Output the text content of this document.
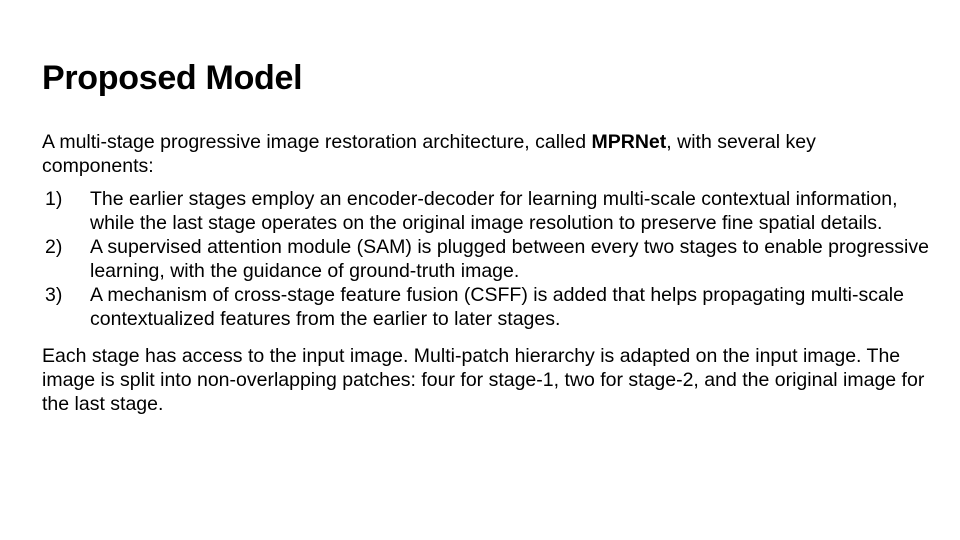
Proposed Model

A multi-stage progressive image restoration architecture, called MPRNet, with several key components:

1) The earlier stages employ an encoder-decoder for learning multi-scale contextual information, while the last stage operates on the original image resolution to preserve fine spatial details.
2) A supervised attention module (SAM) is plugged between every two stages to enable progressive learning, with the guidance of ground-truth image.
3) A mechanism of cross-stage feature fusion (CSFF) is added that helps propagating multi-scale contextualized features from the earlier to later stages.

Each stage has access to the input image. Multi-patch hierarchy is adapted on the input image. The image is split into non-overlapping patches: four for stage-1, two for stage-2, and the original image for the last stage.
